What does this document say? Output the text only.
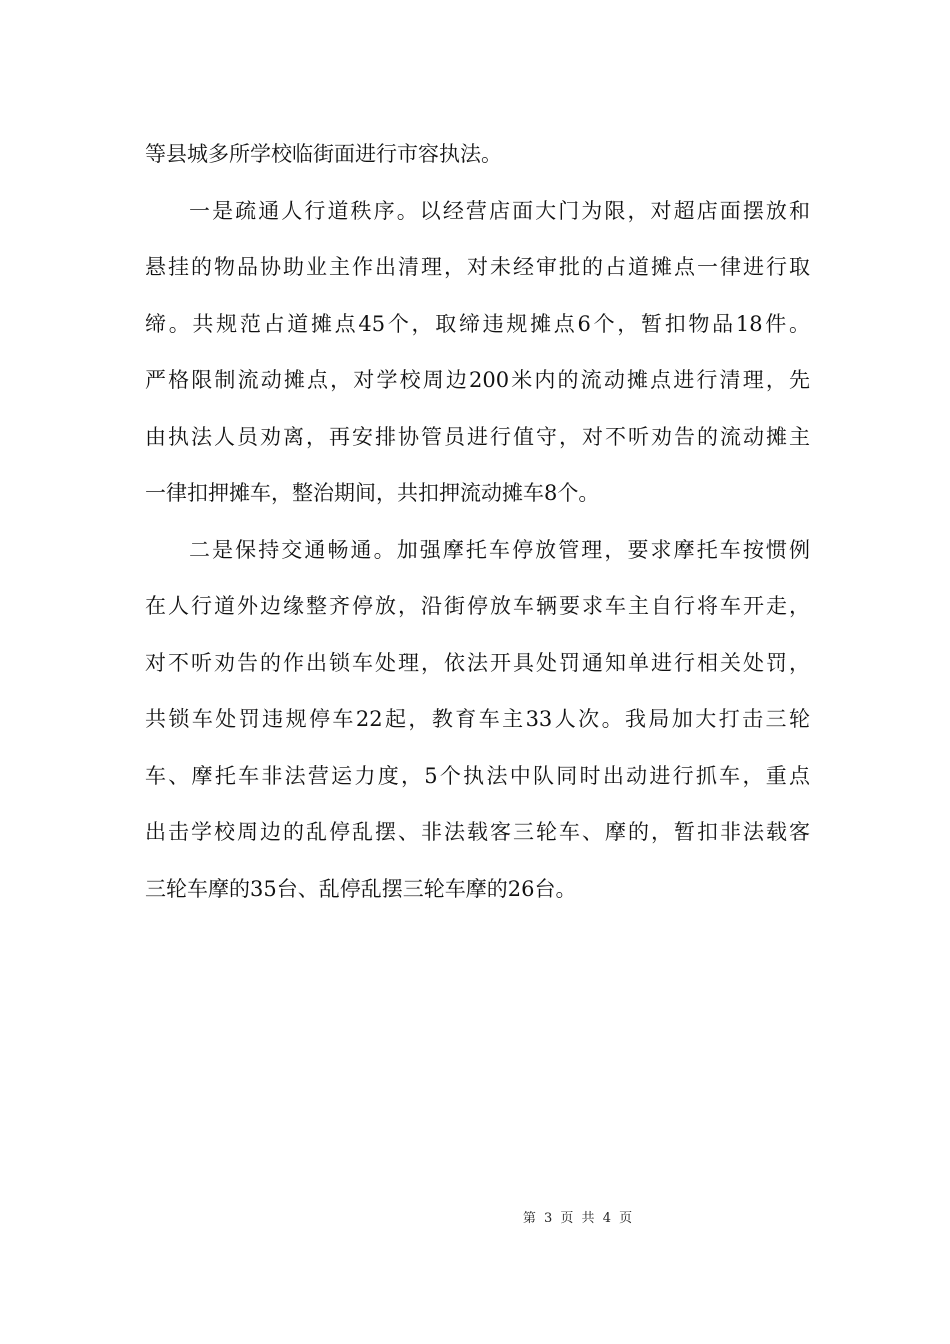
等县城多所学校临街面进行市容执法。
一是疏通人行道秩序。以经营店面大门为限，对超店面摆放和
悬挂的物品协助业主作出清理，对未经审批的占道摊点一律进行取
缔。共规范占道摊点45个，取缔违规摊点6个，暂扣物品18件。
严格限制流动摊点，对学校周边200米内的流动摊点进行清理，先
由执法人员劝离，再安排协管员进行值守，对不听劝告的流动摊主
一律扣押摊车，整治期间，共扣押流动摊车8个。
二是保持交通畅通。加强摩托车停放管理，要求摩托车按惯例
在人行道外边缘整齐停放，沿街停放车辆要求车主自行将车开走，
对不听劝告的作出锁车处理，依法开具处罚通知单进行相关处罚，
共锁车处罚违规停车22起，教育车主33人次。我局加大打击三轮
车、摩托车非法营运力度，5个执法中队同时出动进行抓车，重点
出击学校周边的乱停乱摆、非法载客三轮车、摩的，暂扣非法载客
三轮车摩的35台、乱停乱摆三轮车摩的26台。
第 3 页 共 4 页
